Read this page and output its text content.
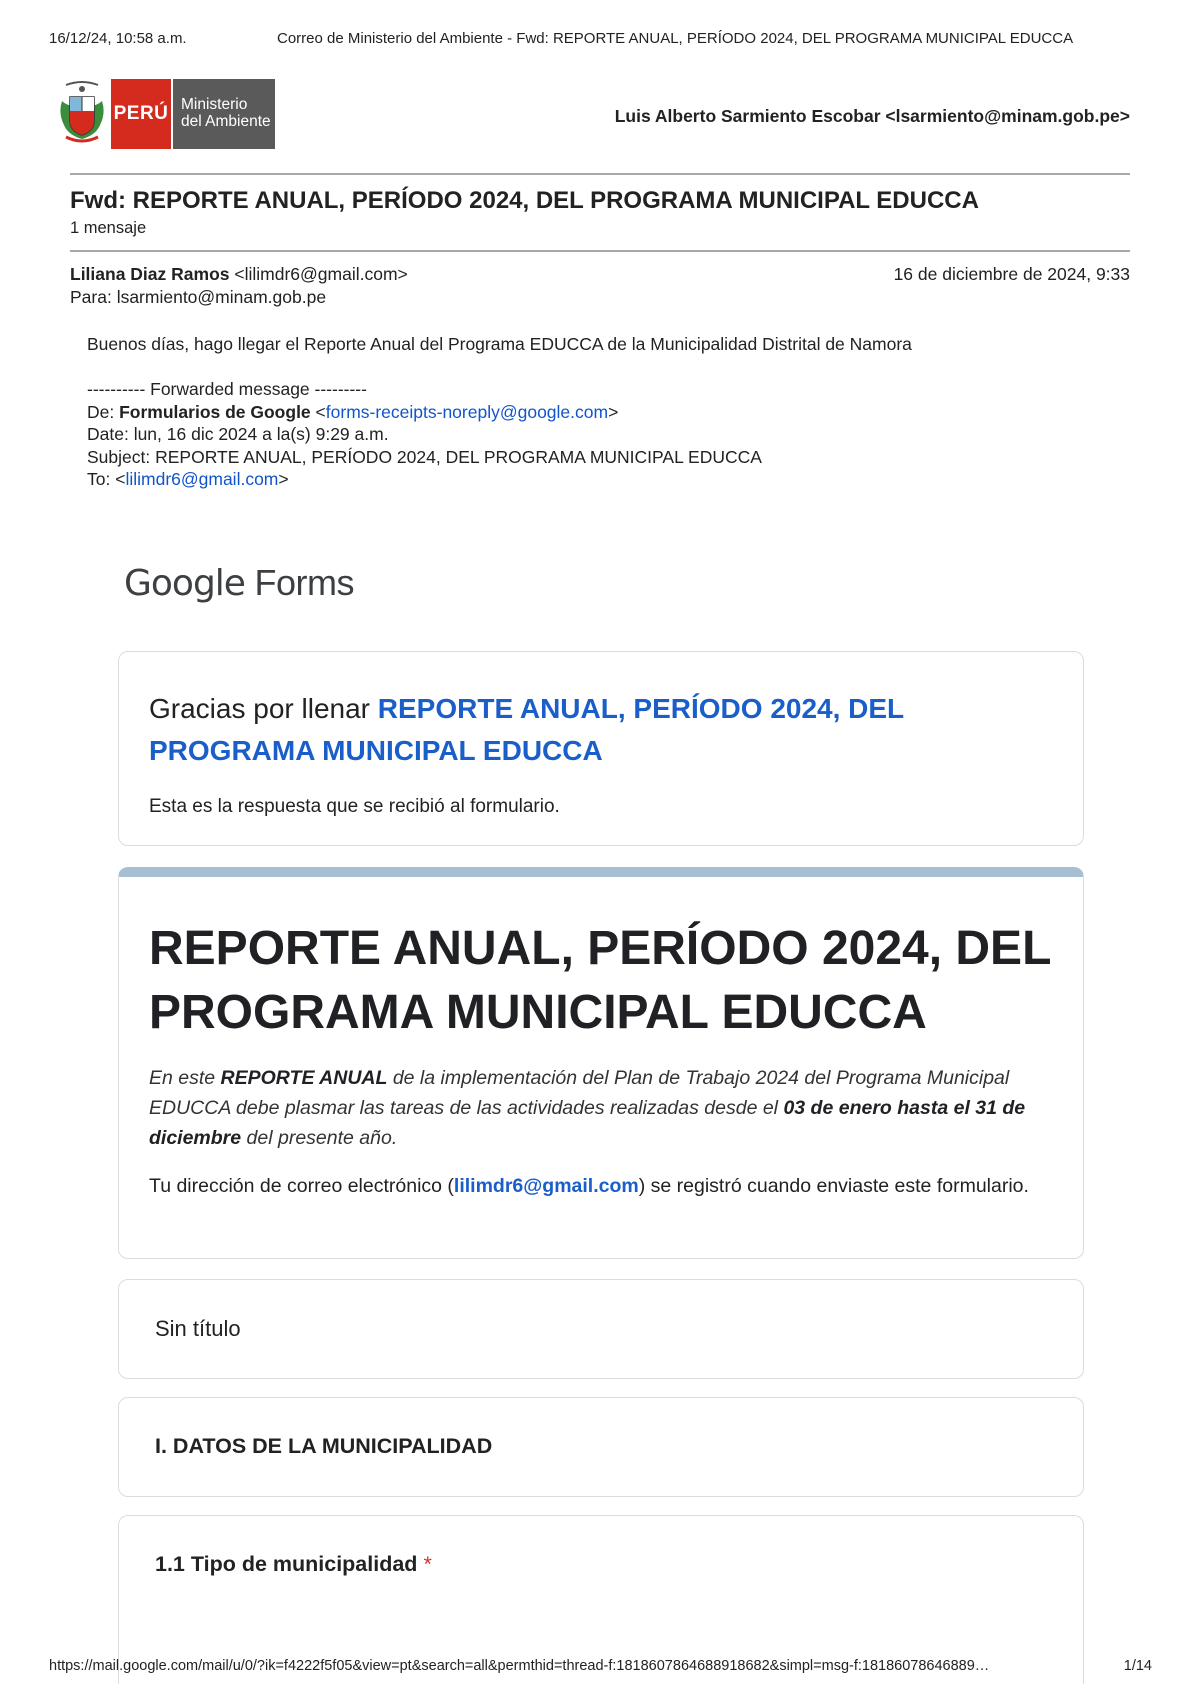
16/12/24, 10:58 a.m.	Correo de Ministerio del Ambiente - Fwd: REPORTE ANUAL, PERÍODO 2024, DEL PROGRAMA MUNICIPAL EDUCCA
PERÚ Ministerio
del Ambiente	Luis Alberto Sarmiento Escobar <lsarmiento@minam.gob.pe>
Fwd: REPORTE ANUAL, PERÍODO 2024, DEL PROGRAMA MUNICIPAL EDUCCA
1 mensaje
Liliana Diaz Ramos <lilimdr6@gmail.com>	16 de diciembre de 2024, 9:33
Para: lsarmiento@minam.gob.pe
Buenos días, hago llegar el Reporte Anual del Programa EDUCCA de la Municipalidad Distrital de Namora
---------- Forwarded message ---------
De: Formularios de Google <forms-receipts-noreply@google.com>
Date: lun, 16 dic 2024 a la(s) 9:29 a.m.
Subject: REPORTE ANUAL, PERÍODO 2024, DEL PROGRAMA MUNICIPAL EDUCCA
To: <lilimdr6@gmail.com>
Google Forms
Gracias por llenar REPORTE ANUAL, PERÍODO 2024, DEL PROGRAMA MUNICIPAL EDUCCA
Esta es la respuesta que se recibió al formulario.
REPORTE ANUAL, PERÍODO 2024, DEL PROGRAMA MUNICIPAL EDUCCA
En este REPORTE ANUAL de la implementación del Plan de Trabajo 2024 del Programa Municipal EDUCCA debe plasmar las tareas de las actividades realizadas desde el 03 de enero hasta el 31 de diciembre del presente año.
Tu dirección de correo electrónico (lilimdr6@gmail.com) se registró cuando enviaste este formulario.
Sin título
I. DATOS DE LA MUNICIPALIDAD
1.1 Tipo de municipalidad *
https://mail.google.com/mail/u/0/?ik=f4222f5f05&view=pt&search=all&permthid=thread-f:1818607864688918682&simpl=msg-f:18186078646889…	1/14
